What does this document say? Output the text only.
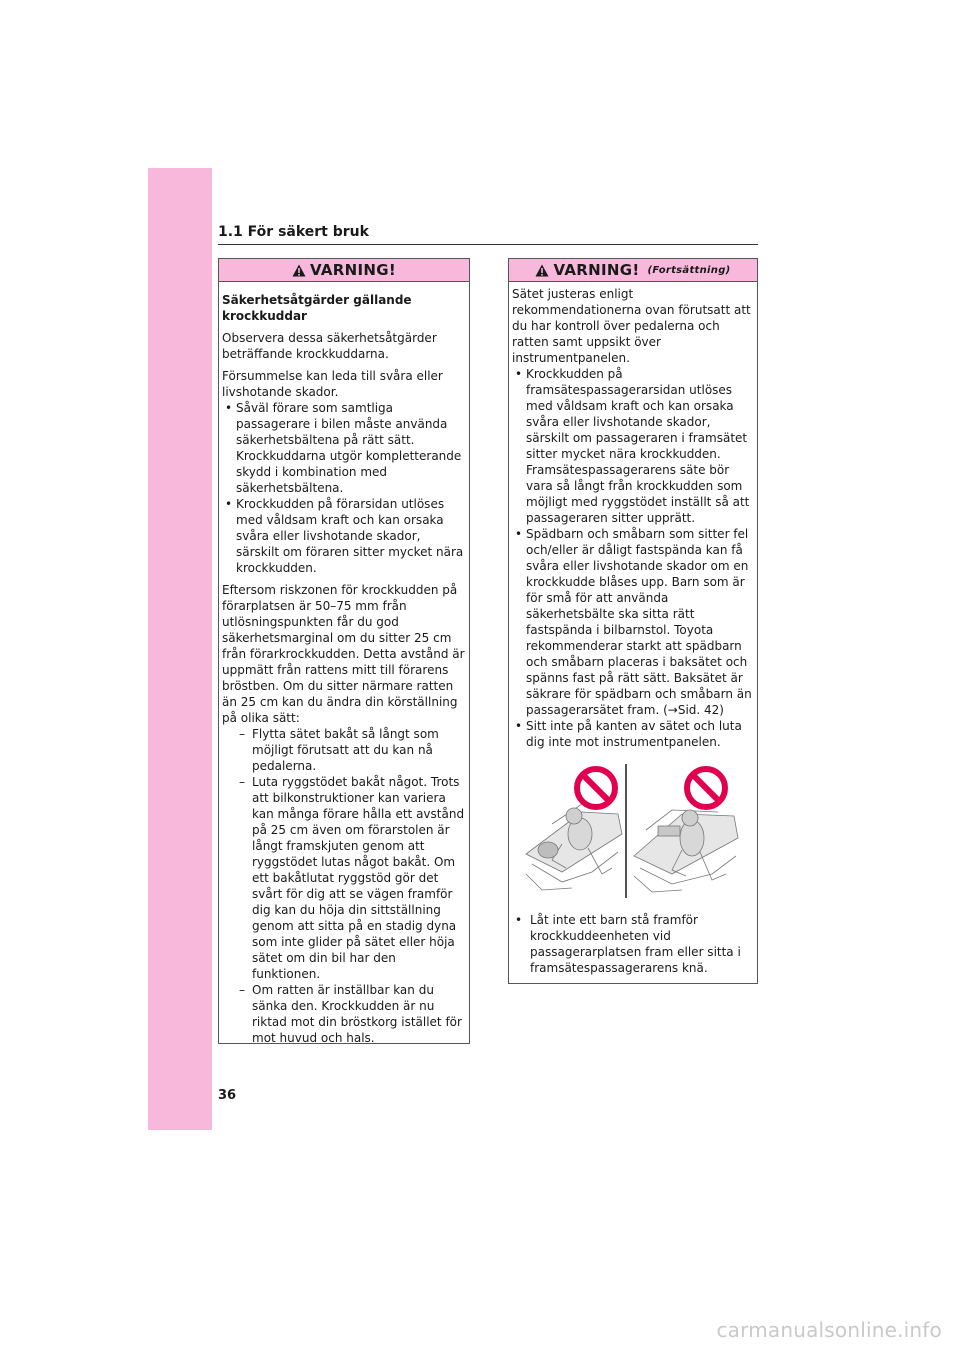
1.1 För säkert bruk
VARNING!
Säkerhetsåtgärder gällande krockkuddar

Observera dessa säkerhetsåtgärder beträffande krockkuddarna.

Försummelse kan leda till svåra eller livshotande skador.

• Såväl förare som samtliga passagerare i bilen måste använda säkerhetsbältena på rätt sätt. Krockkuddarna utgör kompletterande skydd i kombination med säkerhetsbältena.
• Krockkudden på förarsidan utlöses med våldsam kraft och kan orsaka svåra eller livshotande skador, särskilt om föraren sitter mycket nära krockkudden.

Eftersom riskzonen för krockkudden på förarplatsen är 50–75 mm från utlösningspunkten får du god säkerhetsmarginal om du sitter 25 cm från förarkrockkudden. Detta avstånd är uppmätt från rattens mitt till förarens bröstben. Om du sitter närmare ratten än 25 cm kan du ändra din körställning på olika sätt:

– Flytta sätet bakåt så långt som möjligt förutsatt att du kan nå pedalerna.
– Luta ryggstödet bakåt något. Trots att bilkonstruktioner kan variera kan många förare hålla ett avstånd på 25 cm även om förarstolen är långt framskjuten genom att ryggstödet lutas något bakåt. Om ett bakåtlutat ryggstöd gör det svårt för dig att se vägen framför dig kan du höja din sittställning genom att sitta på en stadig dyna som inte glider på sätet eller höja sätet om din bil har den funktionen.
– Om ratten är inställbar kan du sänka den. Krockkudden är nu riktad mot din bröstkorg istället för mot huvud och hals.
VARNING! (Fortsättning)

Sätet justeras enligt rekommendationerna ovan förutsatt att du har kontroll över pedalerna och ratten samt uppsikt över instrumentpanelen.

• Krockkudden på framsätespassagerarsidan utlöses med våldsam kraft och kan orsaka svåra eller livshotande skador, särskilt om passageraren i framsätet sitter mycket nära krockkudden. Framsätespassagerarens säte bör vara så långt från krockkudden som möjligt med ryggstödet inställt så att passageraren sitter upprätt.
• Spädbarn och småbarn som sitter fel och/eller är dåligt fastspända kan få svåra eller livshotande skador om en krockkudde blåses upp. Barn som är för små för att använda säkerhetsbälte ska sitta rätt fastspända i bilbarnstol. Toyota rekommenderar starkt att spädbarn och småbarn placeras i baksätet och spänns fast på rätt sätt. Baksätet är säkrare för spädbarn och småbarn än passagerarsätet fram. (→Sid. 42)
• Sitt inte på kanten av sätet och luta dig inte mot instrumentpanelen.
• Låt inte ett barn stå framför krockkuddeenheten vid passagerarplatsen fram eller sitta i framsätespassagerarens knä.
36
carmanualsonline.info
